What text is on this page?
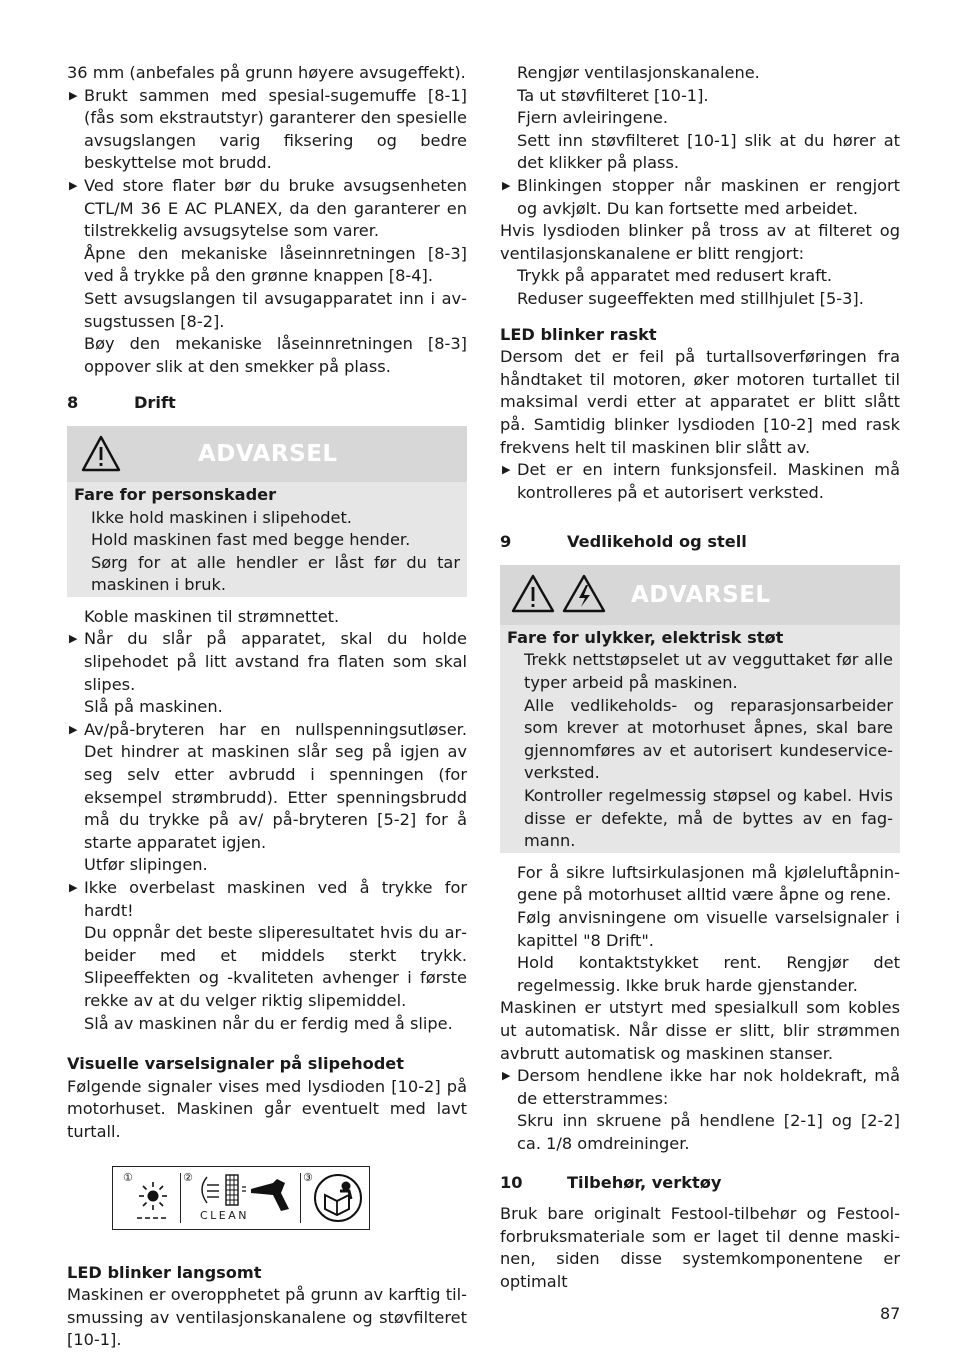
36 mm (anbefales på grunn høyere avsugeffekt).

▶ Brukt sammen med spesial-sugemuffe [8-1] (fås som ekstrautstyr) garanterer den spesielle avsugslangen varig fiksering og bedre beskyttelse mot brudd.

▶ Ved store flater bør du bruke avsugsenheten CTL/M 36 E AC PLANEX, da den garanterer en tilstrekkelig avsugsytelse som varer.

Åpne den mekaniske låseinnretningen [8-3] ved å trykke på den grønne knappen [8-4].

Sett avsugslangen til avsugapparatet inn i avsugstussen [8-2].

Bøy den mekaniske låseinnretningen [8-3] oppover slik at den smekker på plass.

8	Drift
ADVARSEL

Fare for personskader

Ikke hold maskinen i slipehodet.

Hold maskinen fast med begge hender.

Sørg for at alle hendler er låst før du tar maskinen i bruk.

Koble maskinen til strømnettet.

▶ Når du slår på apparatet, skal du holde slipehodet på litt avstand fra flaten som skal slipes.

Slå på maskinen.

▶ Av/på-bryteren har en nullspenningsutløser. Det hindrer at maskinen slår seg på igjen av seg selv etter avbrudd i spenningen (for eksempel strømbrudd). Etter spenningsbrudd må du trykke på av/ på-bryteren [5-2] for å starte apparatet igjen.

Utfør slipingen.

▶ Ikke overbelast maskinen ved å trykke for hardt!

Du oppnår det beste sliperesultatet hvis du arbeider med et middels sterkt trykk. Slipeeffekten og -kvaliteten avhenger i første rekke av at du velger riktig slipemiddel.

Slå av maskinen når du er ferdig med å slipe.

Visuelle varselsignaler på slipehodet

Følgende signaler vises med lysdioden [10-2] på motorhuset. Maskinen går eventuelt med lavt turtall.

①	②
CLEAN
③

LED blinker langsomt

Maskinen er overopphetet på grunn av karftig tilsmussing av ventilasjonskanalene og støvfilteret [10-1].

Rengjør ventilasjonskanalene.

Ta ut støvfilteret [10-1].

Fjern avleiringene.

Sett inn støvfilteret [10-1] slik at du hører at det klikker på plass.

▶ Blinkingen stopper når maskinen er rengjort og avkjølt. Du kan fortsette med arbeidet.

Hvis lysdioden blinker på tross av at filteret og ventilasjonskanalene er blitt rengjort:

Trykk på apparatet med redusert kraft.

Reduser sugeeffekten med stillhjulet [5-3].

LED blinker raskt

Dersom det er feil på turtallsoverføringen fra håndtaket til motoren, øker motoren turtallet til maksimal verdi etter at apparatet er blitt slått på. Samtidig blinker lysdioden [10-2] med rask frekvens helt til maskinen blir slått av.

▶ Det er en intern funksjonsfeil. Maskinen må kontrolleres på et autorisert verksted.

9	Vedlikehold og stell
ADVARSEL

Fare for ulykker, elektrisk støt

Trekk nettstøpselet ut av vegguttaket før alle typer arbeid på maskinen.

Alle vedlikeholds- og reparasjonsarbeider som krever at motorhuset åpnes, skal bare gjennomføres av et autorisert kundeserviceverksted.

Kontroller regelmessig støpsel og kabel. Hvis disse er defekte, må de byttes av en fagmann.

For å sikre luftsirkulasjonen må kjøleluftåpningene på motorhuset alltid være åpne og rene.

Følg anvisningene om visuelle varselsignaler i kapittel "8 Drift".

Hold kontaktstykket rent. Rengjør det regelmessig. Ikke bruk harde gjenstander.

Maskinen er utstyrt med spesialkull som kobles ut automatisk. Når disse er slitt, blir strømmen avbrutt automatisk og maskinen stanser.

▶ Dersom hendlene ikke har nok holdekraft, må de etterstrammes:

Skru inn skruene på hendlene [2-1] og [2-2] ca. 1/8 omdreininger.

10	Tilbehør, verktøy

Bruk bare originalt Festool-tilbehør og Festool-forbruksmateriale som er laget til denne maskinen, siden disse systemkomponentene er optimalt

87
